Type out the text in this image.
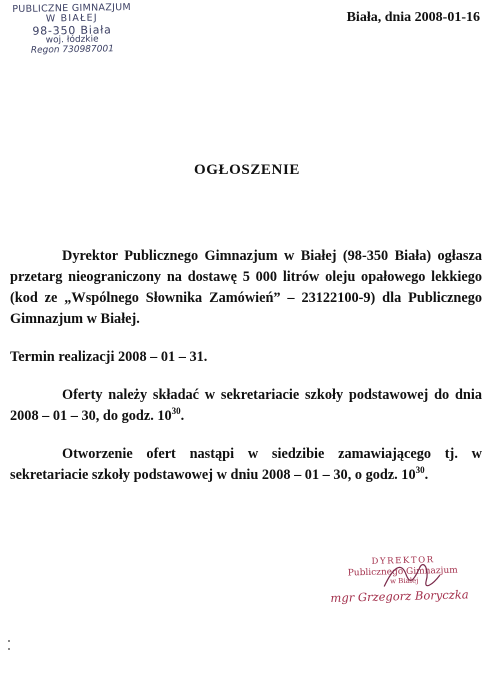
PUBLICZNE GIMNAZJUM
W BIAŁEJ
98-350 Biała
woj. łódzkie
Regon 730987001
Biała, dnia 2008-01-16
OGŁOSZENIE

Dyrektor Publicznego Gimnazjum w Białej (98-350 Biała) ogłasza przetarg nieograniczony na dostawę 5 000 litrów oleju opałowego lekkiego (kod ze „Wspólnego Słownika Zamówień” – 23122100-9) dla Publicznego Gimnazjum w Białej.

Termin realizacji 2008 – 01 – 31.

Oferty należy składać w sekretariacie szkoły podstawowej do dnia 2008 – 01 – 30, do godz. $10^{30}$.

Otworzenie ofert nastąpi w siedzibie zamawiającego tj. w sekretariacie szkoły podstawowej w dniu 2008 – 01 – 30, o godz. $10^{30}$.

DYREKTOR
Publicznego Gimnazjum
w Białej
mgr Grzegorz Boryczka
